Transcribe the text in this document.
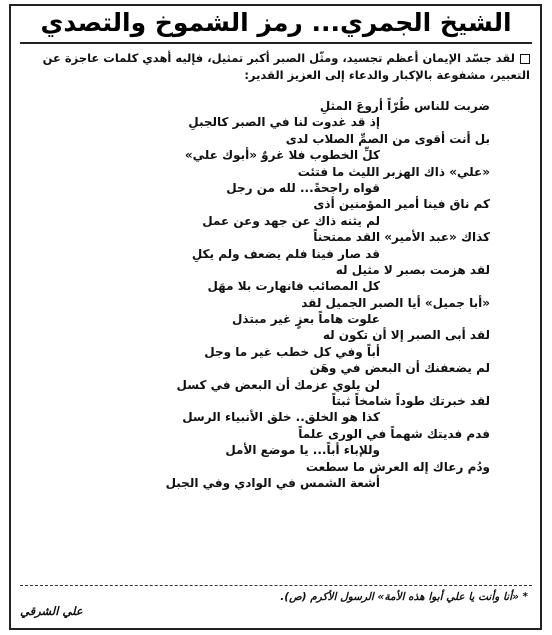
الشيخ الجمري... رمز الشموخ والتصدي
لقد جسّد الإيمان أعظم تجسيد، ومثّل الصبر أكبر تمثيل، فإليه أهدي كلمات عاجزة عن التعبير، مشفوعة بالإكبار والدعاء إلى العزيز القدير:
ضربت للناس طُرّاً أروعَ المثلِ
إذ قد غدوت لنا في الصبر كالجبلِ
بل أنت أقوى من الصمِّ الصلاب لدى
كلِّ الخطوب فلا غروٌ «أبوك علي»
«علي» ذاك الهزبر الليث ما فتئت
قواه راجحةً... لله من رجل
كم ناق فينا أمير المؤمنين أذى
لم يثنه ذاك عن جهد وعن عمل
كذاك «عبد الأمير» القد ممتحناً
قد صار فينا فلم يضعف ولم يكلِ
لقد هزمت بصبر لا مثيل له
كل المصائب فانهارت بلا مهَل
«أبا جميل» أيا الصبر الجميل لقد
علوت هاماً بعزٍ غير مبتذل
لقد أبى الصبر إلا أن تكون له
أباً وفي كل خطب غير ما وجل
لم يضعفنك أن البعض في وهَن
لن يلوي عزمك أن البعض في كسل
لقد خبرتك طوداً شامخاً ثبتاً
كذا هو الخلق.. خلق الأنبياء الرسل
فدم فديتك شهماً في الورى علماً
وللإباء أباً... يا موضع الأمل
ودُم رعاك إله العرش ما سطعت
أشعة الشمس في الوادي وفي الجبل
* «أنا وأنت يا علي أبوا هذه الأمة» الرسول الأكرم (ص).
علي الشرقي
